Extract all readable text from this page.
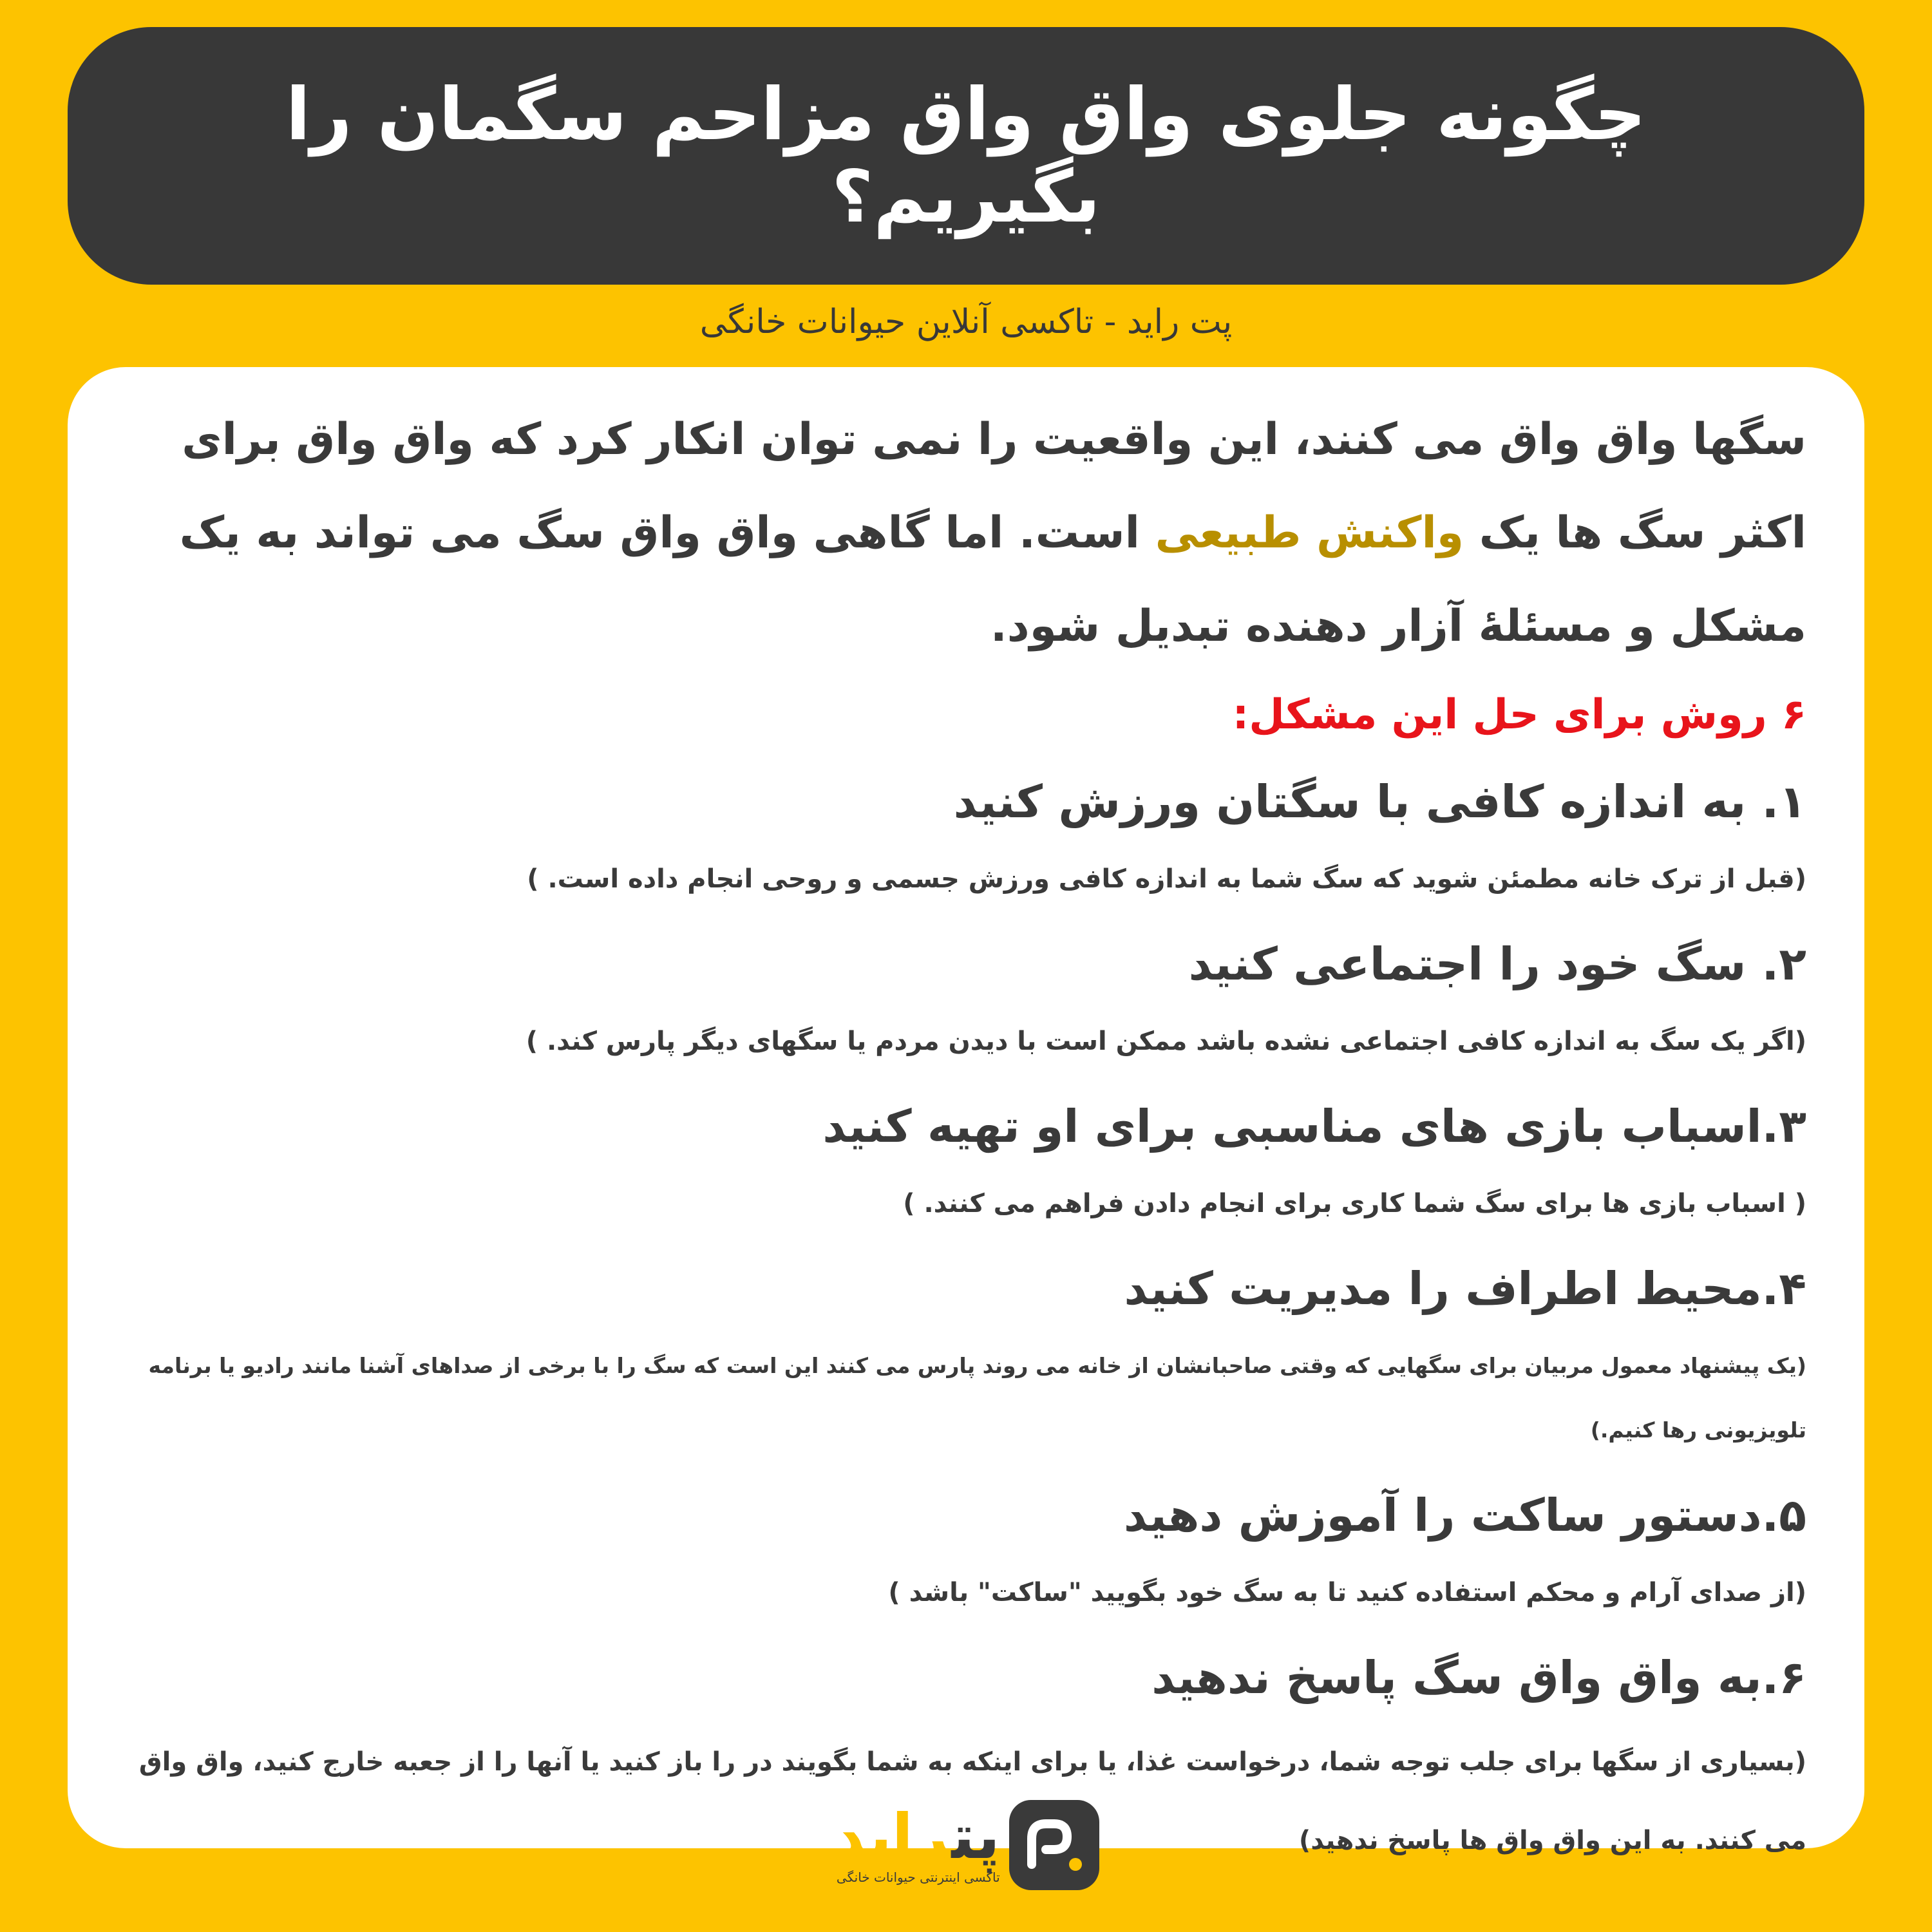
چگونه جلوی واق واق مزاحم سگمان را بگیریم؟
پت راید - تاکسی آنلاین حیوانات خانگی

سگها واق واق می کنند، این واقعیت را نمی توان انکار کرد که واق واق برای اکثر سگ ها یک واکنش طبیعی است. اما گاهی واق واق سگ می تواند به یک مشکل و مسئلۀ آزار دهنده تبدیل شود.

۶ روش برای حل این مشکل:

۱. به اندازه کافی با سگتان ورزش کنید

(قبل از ترک خانه مطمئن شوید که سگ شما به اندازه کافی ورزش جسمی و روحی انجام داده است. )

۲. سگ خود را اجتماعی کنید

(اگر یک سگ به اندازه کافی اجتماعی نشده باشد ممکن است با دیدن مردم یا سگهای دیگر پارس کند. )

۳.اسباب بازی های مناسبی برای او تهیه کنید

( اسباب بازی ها برای سگ شما کاری برای انجام دادن فراهم می کنند. )

۴.محیط اطراف را مدیریت کنید

(یک پیشنهاد معمول مربیان برای سگهایی که وقتی صاحبانشان از خانه می روند پارس می کنند این است که سگ را با برخی از صداهای آشنا مانند رادیو یا برنامه تلویزیونی رها کنیم.)

۵.دستور ساکت را آموزش دهید

(از صدای آرام و محکم استفاده کنید تا به سگ خود بگویید "ساکت" باشد )

۶.به واق واق سگ پاسخ ندهید

(بسیاری از سگها برای جلب توجه شما، درخواست غذا، یا برای اینکه به شما بگویند در را باز کنید یا آنها را از جعبه خارج کنید، واق واق می کنند. به این واق واق ها پاسخ ندهید)

پتراید
تاکسی اینترنتی حیوانات خانگی
